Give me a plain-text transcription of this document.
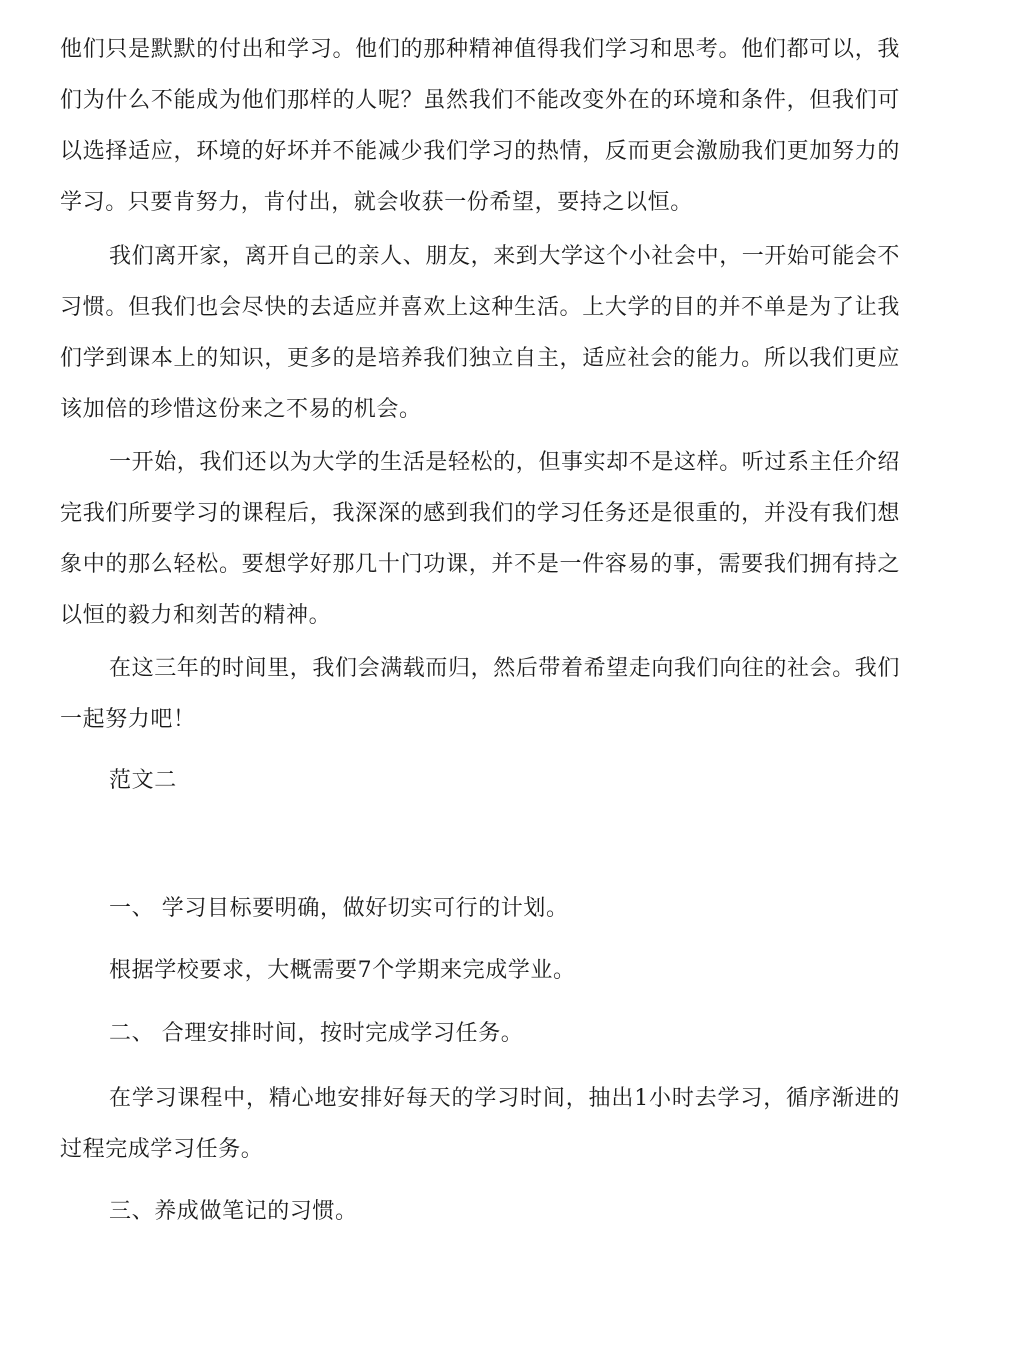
他们只是默默的付出和学习。他们的那种精神值得我们学习和思考。他们都可以，我们为什么不能成为他们那样的人呢？虽然我们不能改变外在的环境和条件，但我们可以选择适应，环境的好坏并不能减少我们学习的热情，反而更会激励我们更加努力的学习。只要肯努力，肯付出，就会收获一份希望，要持之以恒。

我们离开家，离开自己的亲人、朋友，来到大学这个小社会中，一开始可能会不习惯。但我们也会尽快的去适应并喜欢上这种生活。上大学的目的并不单是为了让我们学到课本上的知识，更多的是培养我们独立自主，适应社会的能力。所以我们更应该加倍的珍惜这份来之不易的机会。

一开始，我们还以为大学的生活是轻松的，但事实却不是这样。听过系主任介绍完我们所要学习的课程后，我深深的感到我们的学习任务还是很重的，并没有我们想象中的那么轻松。要想学好那几十门功课，并不是一件容易的事，需要我们拥有持之以恒的毅力和刻苦的精神。

在这三年的时间里，我们会满载而归，然后带着希望走向我们向往的社会。我们一起努力吧！

范文二

一、 学习目标要明确，做好切实可行的计划。

根据学校要求，大概需要7个学期来完成学业。

二、 合理安排时间，按时完成学习任务。

在学习课程中，精心地安排好每天的学习时间，抽出1小时去学习，循序渐进的过程完成学习任务。

三、养成做笔记的习惯。
